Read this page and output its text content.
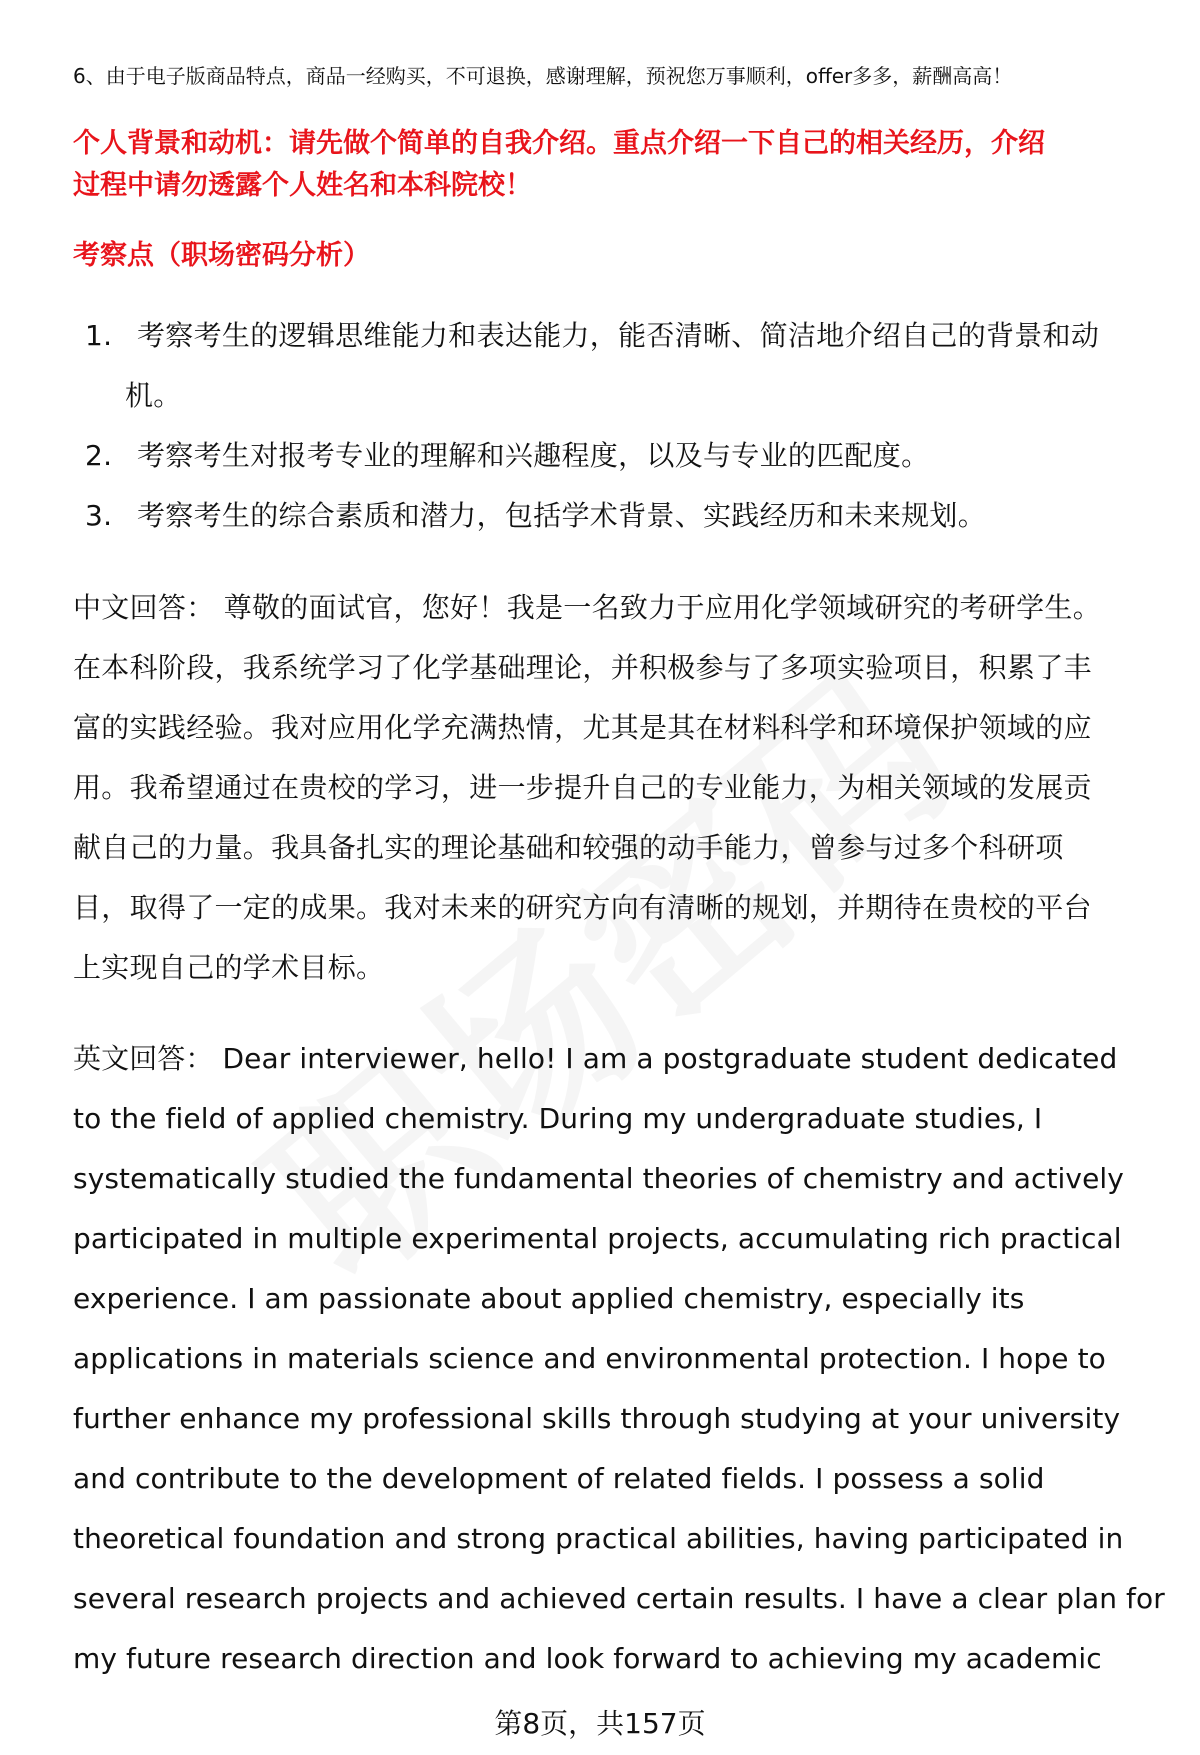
6、由于电子版商品特点，商品一经购买，不可退换，感谢理解，预祝您万事顺利，offer多多，薪酬高高！
个人背景和动机：请先做个简单的自我介绍。重点介绍一下自己的相关经历，介绍
过程中请勿透露个人姓名和本科院校！
考察点（职场密码分析）
1. 考察考生的逻辑思维能力和表达能力，能否清晰、简洁地介绍自己的背景和动
机。
2. 考察考生对报考专业的理解和兴趣程度，以及与专业的匹配度。
3. 考察考生的综合素质和潜力，包括学术背景、实践经历和未来规划。
中文回答： 尊敬的面试官，您好！我是一名致力于应用化学领域研究的考研学生。
在本科阶段，我系统学习了化学基础理论，并积极参与了多项实验项目，积累了丰
富的实践经验。我对应用化学充满热情，尤其是其在材料科学和环境保护领域的应
用。我希望通过在贵校的学习，进一步提升自己的专业能力，为相关领域的发展贡
献自己的力量。我具备扎实的理论基础和较强的动手能力，曾参与过多个科研项
目，取得了一定的成果。我对未来的研究方向有清晰的规划，并期待在贵校的平台
上实现自己的学术目标。
英文回答： Dear interviewer, hello! I am a postgraduate student dedicated
to the field of applied chemistry. During my undergraduate studies, I
systematically studied the fundamental theories of chemistry and actively
participated in multiple experimental projects, accumulating rich practical
experience. I am passionate about applied chemistry, especially its
applications in materials science and environmental protection. I hope to
further enhance my professional skills through studying at your university
and contribute to the development of related fields. I possess a solid
theoretical foundation and strong practical abilities, having participated in
several research projects and achieved certain results. I have a clear plan for
my future research direction and look forward to achieving my academic
第8页，共157页
